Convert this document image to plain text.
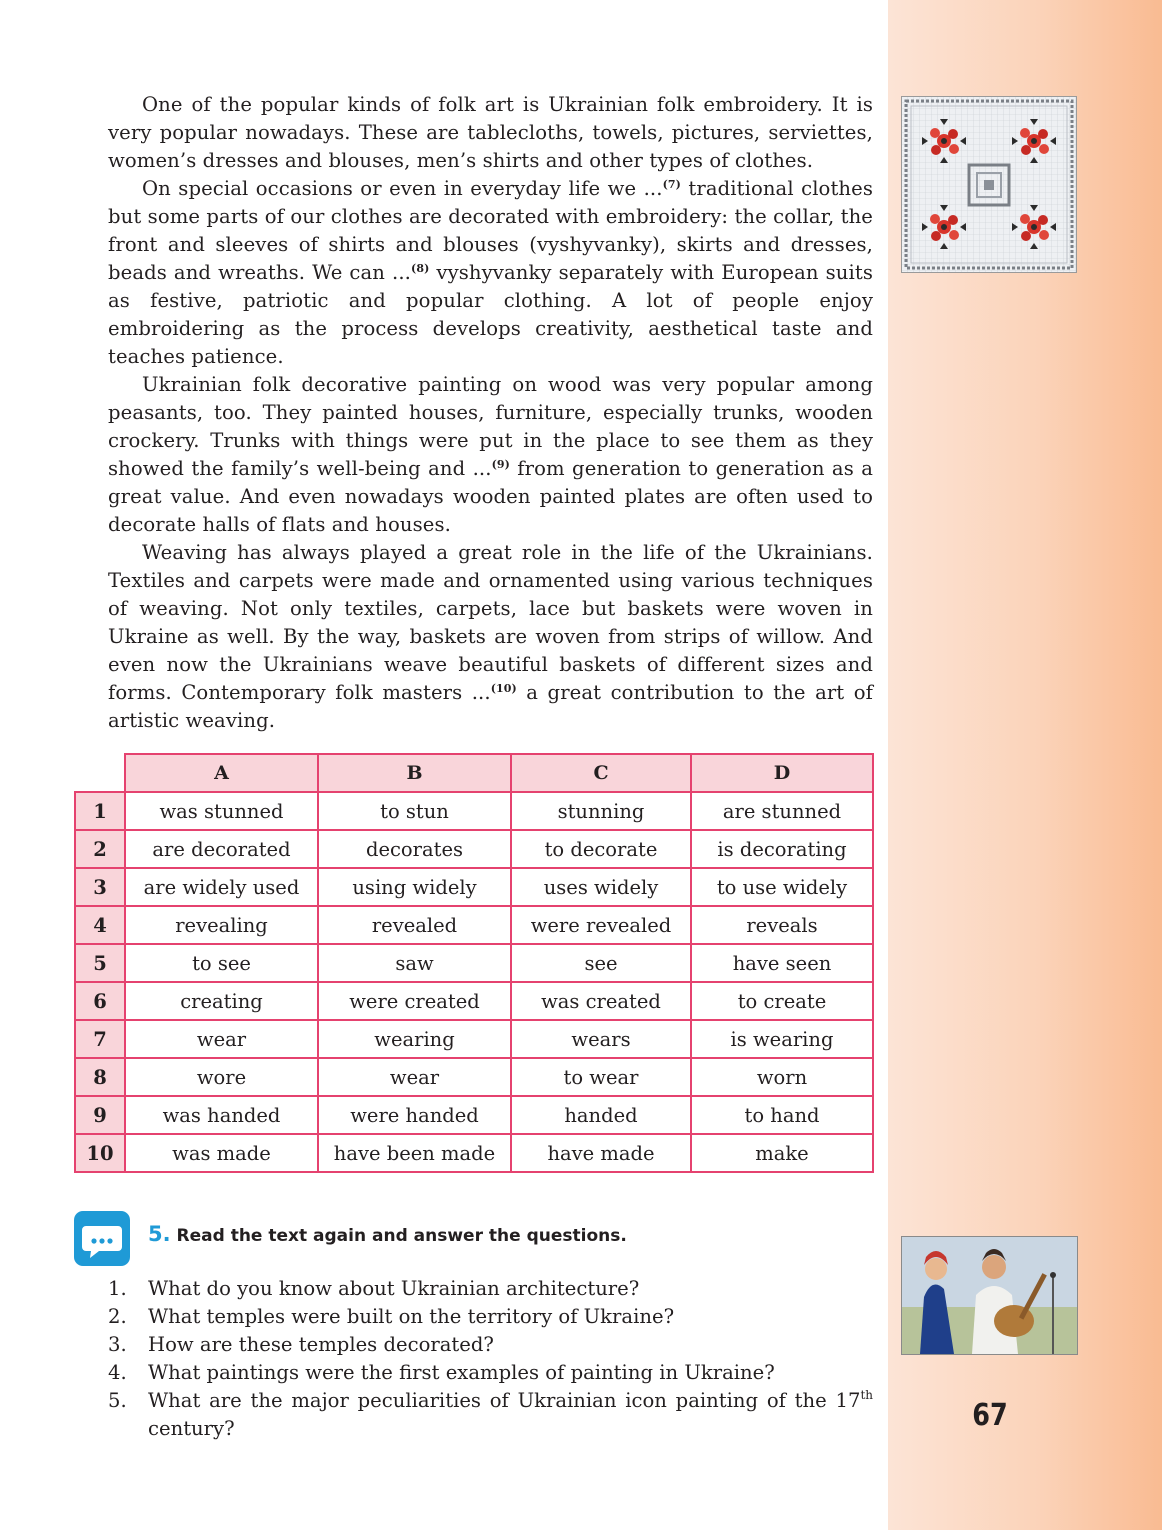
One of the popular kinds of folk art is Ukrainian folk embroidery. It is very popular nowadays. These are tablecloths, towels, pictures, serviettes, women’s dresses and blouses, men’s shirts and other types of clothes.

On special occasions or even in everyday life we ...$^{(7)}$ traditional clothes but some parts of our clothes are decorated with embroidery: the collar, the front and sleeves of shirts and blouses (vyshyvanky), skirts and dresses, beads and wreaths. We can ...$^{(8)}$ vyshyvanky separately with European suits as festive, patriotic and popular clothing. A lot of people enjoy embroidering as the process develops creativity, aesthetical taste and teaches patience.

Ukrainian folk decorative painting on wood was very popular among peasants, too. They painted houses, furniture, especially trunks, wooden crockery. Trunks with things were put in the place to see them as they showed the family’s well-being and ...$^{(9)}$ from generation to generation as a great value. And even nowadays wooden painted plates are often used to decorate halls of flats and houses.

Weaving has always played a great role in the life of the Ukrainians. Textiles and carpets were made and ornamented using various techniques of weaving. Not only textiles, carpets, lace but baskets were woven in Ukraine as well. By the way, baskets are woven from strips of willow. And even now the Ukrainians weave beautiful baskets of different sizes and forms. Contemporary folk masters ...$^{(10)}$ a great contribution to the art of artistic weaving.

	A	B	C	D
1	was stunned	to stun	stunning	are stunned
2	are decorated	decorates	to decorate	is decorating
3	are widely used	using widely	uses widely	to use widely
4	revealing	revealed	were revealed	reveals
5	to see	saw	see	have seen
6	creating	were created	was created	to create
7	wear	wearing	wears	is wearing
8	wore	wear	to wear	worn
9	was handed	were handed	handed	to hand
10	was made	have been made	have made	make
5. Read the text again and answer the questions.
1.	What do you know about Ukrainian architecture?
2.	What temples were built on the territory of Ukraine?
3.	How are these temples decorated?
4.	What paintings were the first examples of painting in Ukraine?
5.	What are the major peculiarities of Ukrainian icon painting of the 17th century?	67
